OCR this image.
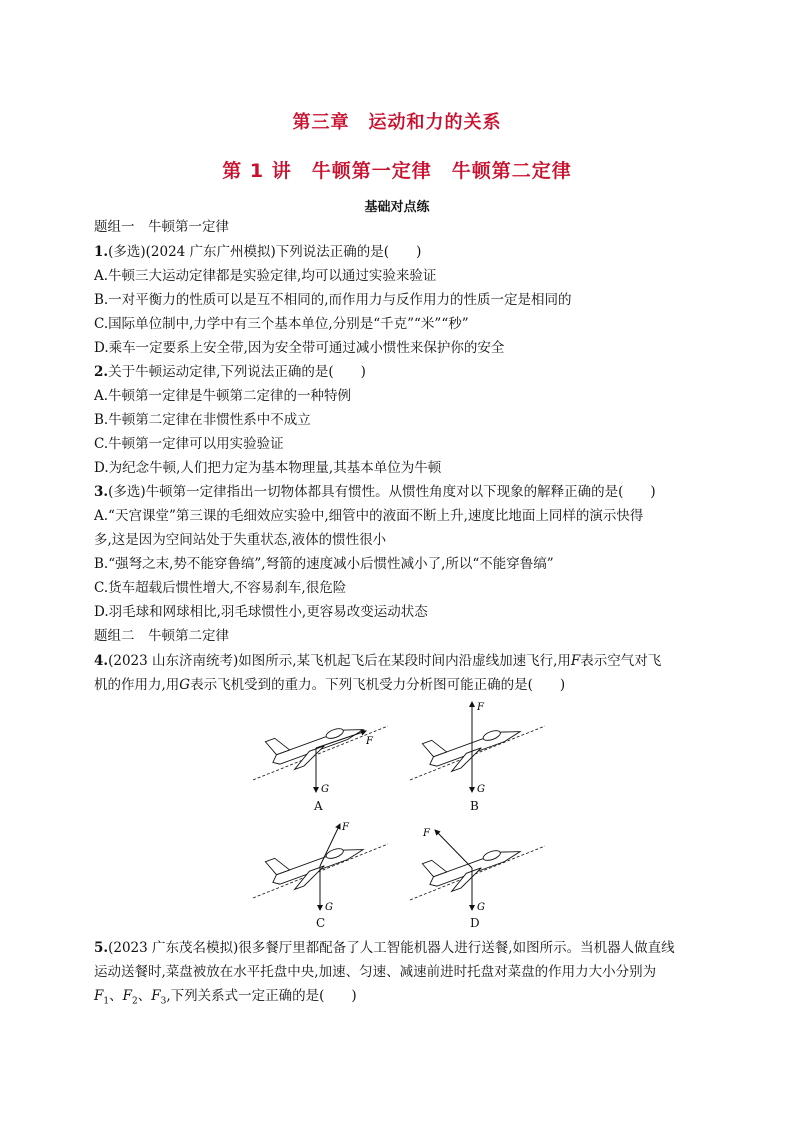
第三章　运动和力的关系
第 1 讲　牛顿第一定律　牛顿第二定律
基础对点练
题组一　牛顿第一定律
1.(多选)(2024 广东广州模拟)下列说法正确的是(　　)
A.牛顿三大运动定律都是实验定律,均可以通过实验来验证
B.一对平衡力的性质可以是互不相同的,而作用力与反作用力的性质一定是相同的
C.国际单位制中,力学中有三个基本单位,分别是“千克”“米”“秒”
D.乘车一定要系上安全带,因为安全带可通过减小惯性来保护你的安全
2.关于牛顿运动定律,下列说法正确的是(　　)
A.牛顿第一定律是牛顿第二定律的一种特例
B.牛顿第二定律在非惯性系中不成立
C.牛顿第一定律可以用实验验证
D.为纪念牛顿,人们把力定为基本物理量,其基本单位为牛顿
3.(多选)牛顿第一定律指出一切物体都具有惯性。从惯性角度对以下现象的解释正确的是(　　)
A.“天宫课堂”第三课的毛细效应实验中,细管中的液面不断上升,速度比地面上同样的演示快得
多,这是因为空间站处于失重状态,液体的惯性很小
B.“强弩之末,势不能穿鲁缟”,弩箭的速度减小后惯性减小了,所以“不能穿鲁缟”
C.货车超载后惯性增大,不容易刹车,很危险
D.羽毛球和网球相比,羽毛球惯性小,更容易改变运动状态
题组二　牛顿第二定律
4.(2023 山东济南统考)如图所示,某飞机起飞后在某段时间内沿虚线加速飞行,用F表示空气对飞
机的作用力,用G表示飞机受到的重力。下列飞机受力分析图可能正确的是(　　)
F
G
A
F
G
B
F
G
C
F
G
D
5.(2023 广东茂名模拟)很多餐厅里都配备了人工智能机器人进行送餐,如图所示。当机器人做直线
运动送餐时,菜盘被放在水平托盘中央,加速、匀速、减速前进时托盘对菜盘的作用力大小分别为
$F_1$、$F_2$、$F_3$,下列关系式一定正确的是(　　)
